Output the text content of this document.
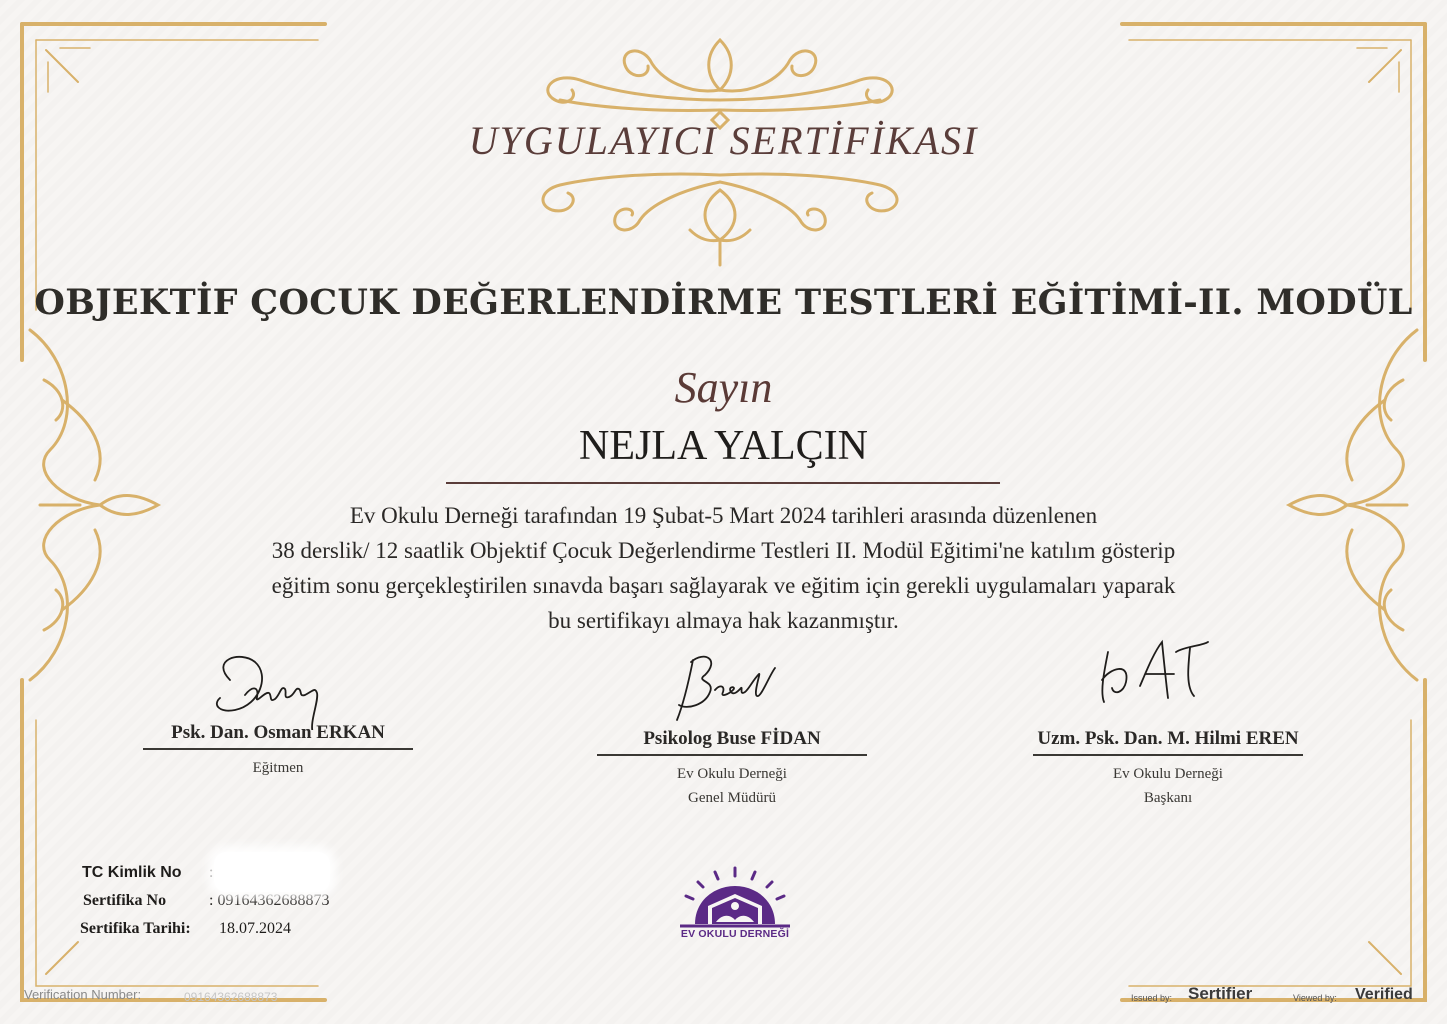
UYGULAYICI SERTİFİKASI
OBJEKTİF ÇOCUK DEĞERLENDİRME TESTLERİ EĞİTİMİ-II. MODÜL
Sayın
NEJLA YALÇIN
Ev Okulu Derneği tarafından 19 Şubat-5 Mart 2024 tarihleri arasında düzenlenen
38 derslik/ 12 saatlik Objektif Çocuk Değerlendirme Testleri II. Modül Eğitimi'ne katılım gösterip
eğitim sonu gerçekleştirilen sınavda başarı sağlayarak ve eğitim için gerekli uygulamaları yaparak
bu sertifikayı almaya hak kazanmıştır.
Psk. Dan. Osman ERKAN
Eğitmen
Psikolog Buse FİDAN
Ev Okulu Derneği
Genel Müdürü
Uzm. Psk. Dan. M. Hilmi EREN
Ev Okulu Derneği
Başkanı
TC Kimlik No :
Sertifika No	: 09164362688873
Sertifika Tarihi: 18.07.2024	EV OKULU DERNEĞİ
Verification Number:	09164362688873	Issued by: Sertifier	Viewed by: Verified
